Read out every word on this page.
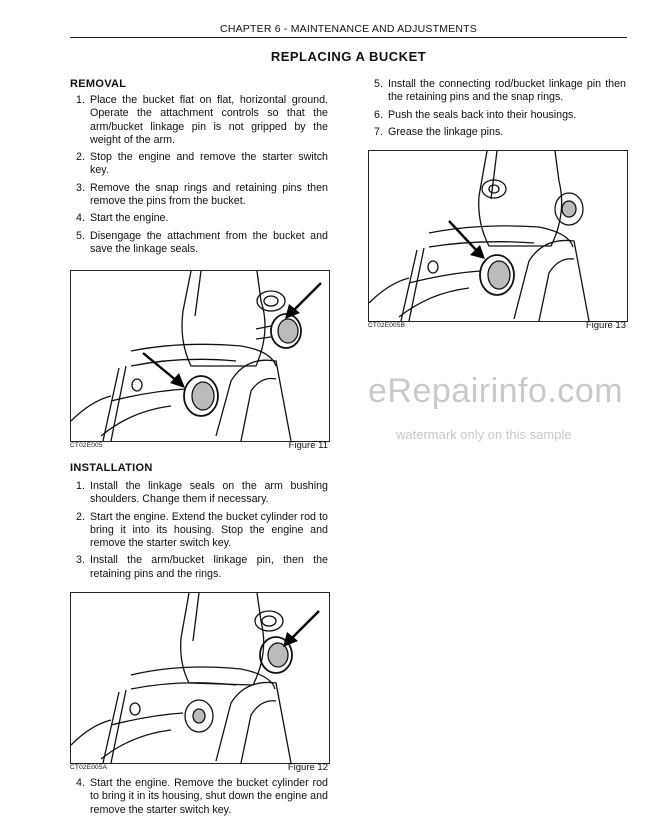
CHAPTER 6 - MAINTENANCE AND ADJUSTMENTS
REPLACING A BUCKET
REMOVAL
1. Place the bucket flat on flat, horizontal ground. Operate the attachment controls so that the arm/bucket linkage pin is not gripped by the weight of the arm.
2. Stop the engine and remove the starter switch key.
3. Remove the snap rings and retaining pins then remove the pins from the bucket.
4. Start the engine.
5. Disengage the attachment from the bucket and save the linkage seals.
CT02E005	Figure 11
INSTALLATION
1. Install the linkage seals on the arm bushing shoulders. Change them if necessary.
2. Start the engine. Extend the bucket cylinder rod to bring it into its housing. Stop the engine and remove the starter switch key.
3. Install the arm/bucket linkage pin, then the retaining pins and the rings.
CT02E005A	Figure 12
4. Start the engine. Remove the bucket cylinder rod to bring it in its housing, shut down the engine and remove the starter switch key.
5. Install the connecting rod/bucket linkage pin then the retaining pins and the snap rings.
6. Push the seals back into their housings.
7. Grease the linkage pins.
CT02E005B	Figure 13
eRepairinfo.com
watermark only on this sample
